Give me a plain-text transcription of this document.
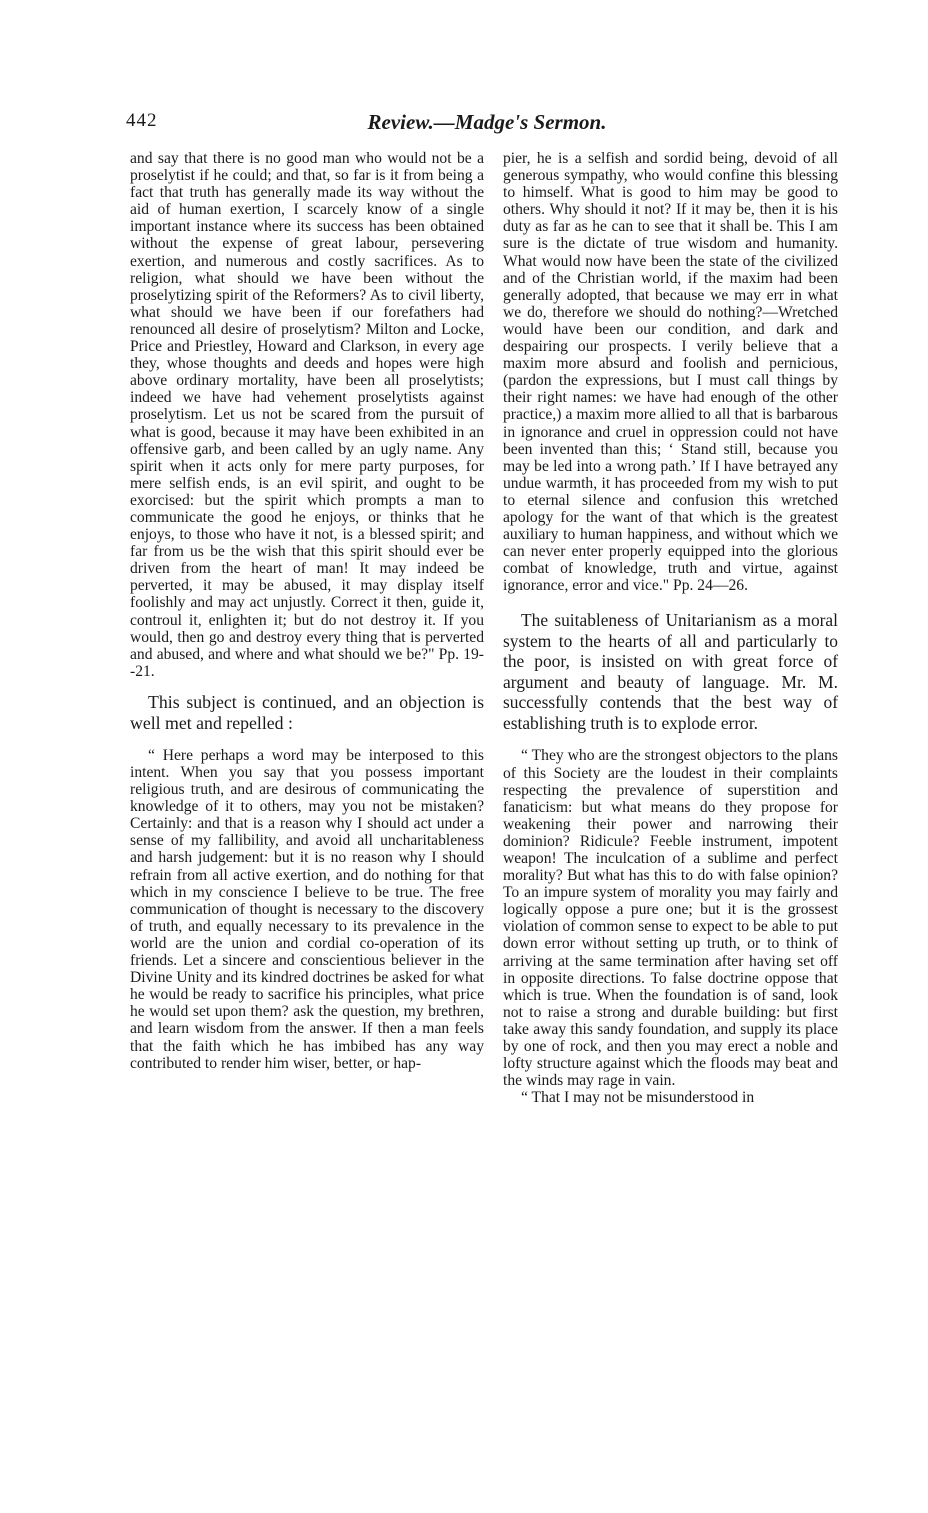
442	Review.—Madge's Sermon.

and say that there is no good man who would not be a proselytist if he could; and that, so far is it from being a fact that truth has generally made its way without the aid of human exertion, I scarcely know of a single important instance where its success has been obtained without the expense of great labour, persevering exertion, and numerous and costly sacrifices. As to religion, what should we have been without the proselytizing spirit of the Reformers? As to civil liberty, what should we have been if our forefathers had renounced all desire of proselytism? Milton and Locke, Price and Priestley, Howard and Clarkson, in every age they, whose thoughts and deeds and hopes were high above ordinary mortality, have been all proselytists; indeed we have had vehement proselytists against proselytism. Let us not be scared from the pursuit of what is good, because it may have been exhibited in an offensive garb, and been called by an ugly name. Any spirit when it acts only for mere party purposes, for mere selfish ends, is an evil spirit, and ought to be exorcised: but the spirit which prompts a man to communicate the good he enjoys, or thinks that he enjoys, to those who have it not, is a blessed spirit; and far from us be the wish that this spirit should ever be driven from the heart of man! It may indeed be perverted, it may be abused, it may display itself foolishly and may act unjustly. Correct it then, guide it, controul it, enlighten it; but do not destroy it. If you would, then go and destroy every thing that is perverted and abused, and where and what should we be?" Pp. 19--21.

This subject is continued, and an objection is well met and repelled :

“ Here perhaps a word may be interposed to this intent. When you say that you possess important religious truth, and are desirous of communicating the knowledge of it to others, may you not be mistaken? Certainly: and that is a reason why I should act under a sense of my fallibility, and avoid all uncharitableness and harsh judgement: but it is no reason why I should refrain from all active exertion, and do nothing for that which in my conscience I believe to be true. The free communication of thought is necessary to the discovery of truth, and equally necessary to its prevalence in the world are the union and cordial co-operation of its friends. Let a sincere and conscientious believer in the Divine Unity and its kindred doctrines be asked for what he would be ready to sacrifice his principles, what price he would set upon them? ask the question, my brethren, and learn wisdom from the answer. If then a man feels that the faith which he has imbibed has any way contributed to render him wiser, better, or hap-

pier, he is a selfish and sordid being, devoid of all generous sympathy, who would confine this blessing to himself. What is good to him may be good to others. Why should it not? If it may be, then it is his duty as far as he can to see that it shall be. This I am sure is the dictate of true wisdom and humanity. What would now have been the state of the civilized and of the Christian world, if the maxim had been generally adopted, that because we may err in what we do, therefore we should do nothing?—Wretched would have been our condition, and dark and despairing our prospects. I verily believe that a maxim more absurd and foolish and pernicious, (pardon the expressions, but I must call things by their right names: we have had enough of the other practice,) a maxim more allied to all that is barbarous in ignorance and cruel in oppression could not have been invented than this; ‘ Stand still, because you may be led into a wrong path.’ If I have betrayed any undue warmth, it has proceeded from my wish to put to eternal silence and confusion this wretched apology for the want of that which is the greatest auxiliary to human happiness, and without which we can never enter properly equipped into the glorious combat of knowledge, truth and virtue, against ignorance, error and vice." Pp. 24—26.

The suitableness of Unitarianism as a moral system to the hearts of all and particularly to the poor, is insisted on with great force of argument and beauty of language. Mr. M. successfully contends that the best way of establishing truth is to explode error.

“ They who are the strongest objectors to the plans of this Society are the loudest in their complaints respecting the prevalence of superstition and fanaticism: but what means do they propose for weakening their power and narrowing their dominion? Ridicule? Feeble instrument, impotent weapon! The inculcation of a sublime and perfect morality? But what has this to do with false opinion? To an impure system of morality you may fairly and logically oppose a pure one; but it is the grossest violation of common sense to expect to be able to put down error without setting up truth, or to think of arriving at the same termination after having set off in opposite directions. To false doctrine oppose that which is true. When the foundation is of sand, look not to raise a strong and durable building: but first take away this sandy foundation, and supply its place by one of rock, and then you may erect a noble and lofty structure against which the floods may beat and the winds may rage in vain.

“ That I may not be misunderstood in
